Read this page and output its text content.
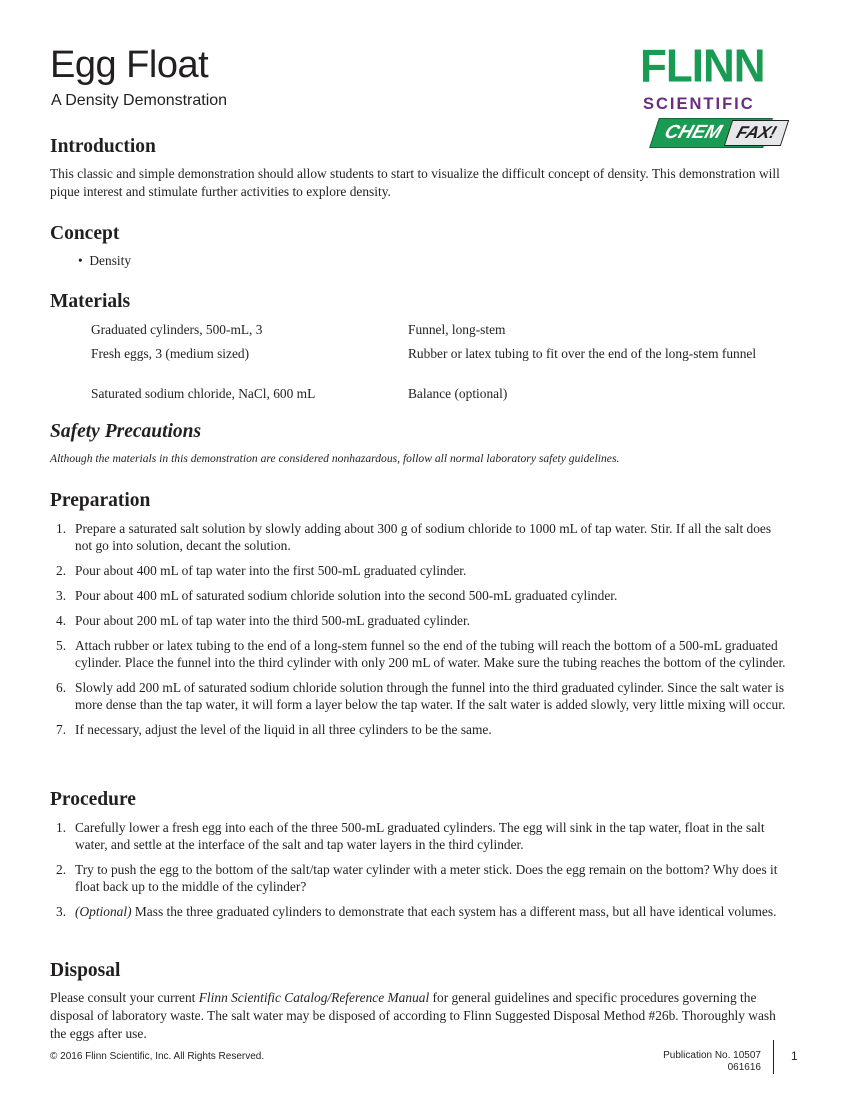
Egg Float
A Density Demonstration
FLINN
SCIENTIFIC
CHEM FAX!
Introduction

This classic and simple demonstration should allow students to start to visualize the difficult concept of density. This demonstration will pique interest and stimulate further activities to explore density.

Concept
•  Density
Materials
Graduated cylinders, 500-mL, 3
Fresh eggs, 3 (medium sized)
Saturated sodium chloride, NaCl, 600 mL
Funnel, long-stem
Rubber or latex tubing to fit over the end of the long-stem funnel
Balance (optional)
Safety Precautions

Although the materials in this demonstration are considered nonhazardous, follow all normal laboratory safety guidelines.

Preparation

1. Prepare a saturated salt solution by slowly adding about 300 g of sodium chloride to 1000 mL of tap water. Stir. If all the salt does not go into solution, decant the solution.

2. Pour about 400 mL of tap water into the first 500-mL graduated cylinder.

3. Pour about 400 mL of saturated sodium chloride solution into the second 500-mL graduated cylinder.

4. Pour about 200 mL of tap water into the third 500-mL graduated cylinder.

5. Attach rubber or latex tubing to the end of a long-stem funnel so the end of the tubing will reach the bottom of a 500-mL graduated cylinder. Place the funnel into the third cylinder with only 200 mL of water. Make sure the tubing reaches the bottom of the cylinder.

6. Slowly add 200 mL of saturated sodium chloride solution through the funnel into the third graduated cylinder. Since the salt water is more dense than the tap water, it will form a layer below the tap water. If the salt water is added slowly, very little mixing will occur.

7. If necessary, adjust the level of the liquid in all three cylinders to be the same.

Procedure

1. Carefully lower a fresh egg into each of the three 500-mL graduated cylinders. The egg will sink in the tap water, float in the salt water, and settle at the interface of the salt and tap water layers in the third cylinder.

2. Try to push the egg to the bottom of the salt/tap water cylinder with a meter stick. Does the egg remain on the bottom? Why does it float back up to the middle of the cylinder?

3. (Optional) Mass the three graduated cylinders to demonstrate that each system has a different mass, but all have identical volumes.

Disposal

Please consult your current Flinn Scientific Catalog/Reference Manual for general guidelines and specific procedures governing the disposal of laboratory waste. The salt water may be disposed of according to Flinn Suggested Disposal Method #26b. Thoroughly wash the eggs after use.

© 2016 Flinn Scientific, Inc. All Rights Reserved.	Publication No. 10507
061616
1
